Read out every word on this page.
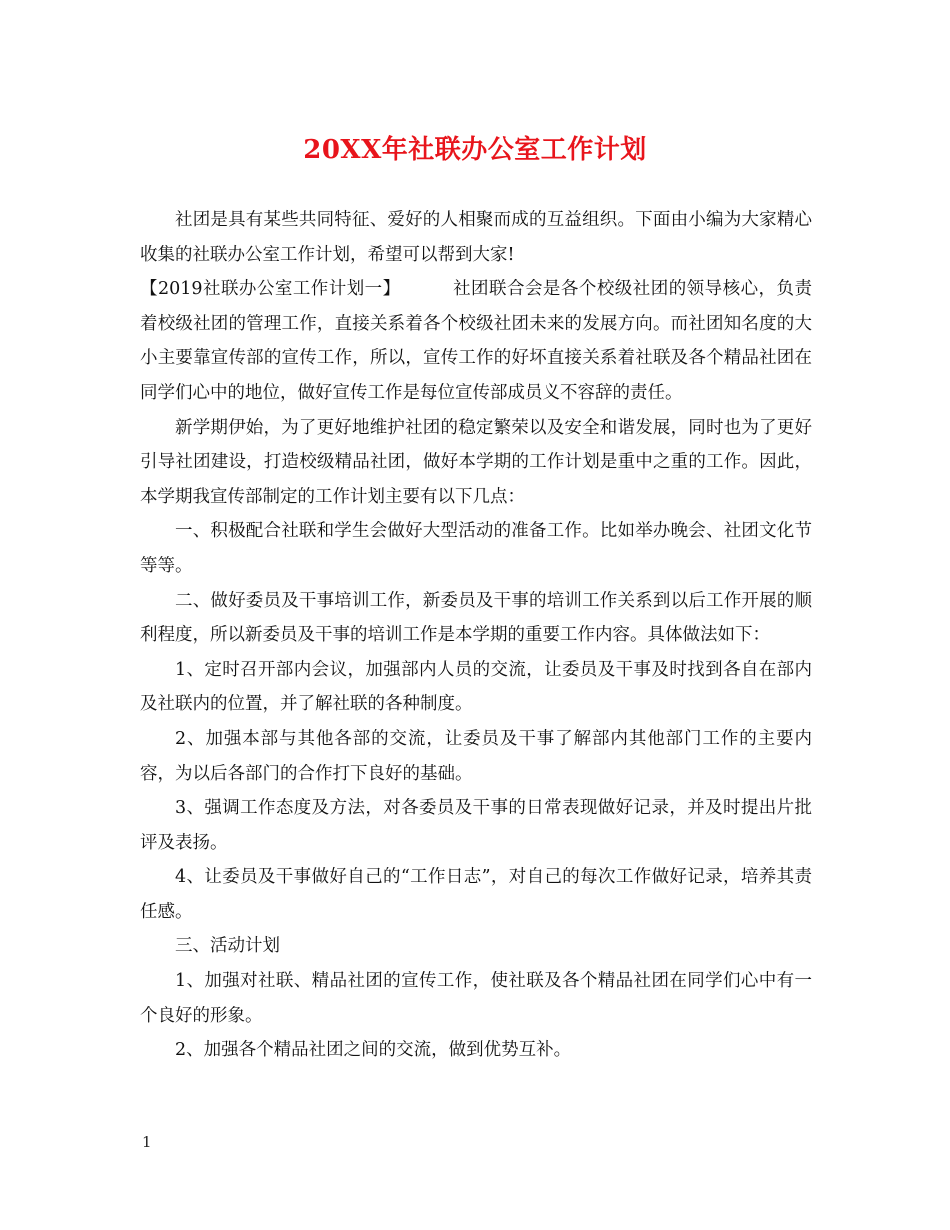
20XX年社联办公室工作计划

社团是具有某些共同特征、爱好的人相聚而成的互益组织。下面由小编为大家精心收集的社联办公室工作计划，希望可以帮到大家!

【2019社联办公室工作计划一】	社团联合会是各个校级社团的领导核心，负责着校级社团的管理工作，直接关系着各个校级社团未来的发展方向。而社团知名度的大小主要靠宣传部的宣传工作，所以，宣传工作的好坏直接关系着社联及各个精品社团在同学们心中的地位，做好宣传工作是每位宣传部成员义不容辞的责任。

新学期伊始，为了更好地维护社团的稳定繁荣以及安全和谐发展，同时也为了更好引导社团建设，打造校级精品社团，做好本学期的工作计划是重中之重的工作。因此，本学期我宣传部制定的工作计划主要有以下几点：

一、积极配合社联和学生会做好大型活动的准备工作。比如举办晚会、社团文化节等等。

二、做好委员及干事培训工作，新委员及干事的培训工作关系到以后工作开展的顺利程度，所以新委员及干事的培训工作是本学期的重要工作内容。具体做法如下：

1、定时召开部内会议，加强部内人员的交流，让委员及干事及时找到各自在部内及社联内的位置，并了解社联的各种制度。

2、加强本部与其他各部的交流，让委员及干事了解部内其他部门工作的主要内容，为以后各部门的合作打下良好的基础。

3、强调工作态度及方法，对各委员及干事的日常表现做好记录，并及时提出片批评及表扬。

4、让委员及干事做好自己的“工作日志”，对自己的每次工作做好记录，培养其责任感。

三、活动计划

1、加强对社联、精品社团的宣传工作，使社联及各个精品社团在同学们心中有一个良好的形象。

2、加强各个精品社团之间的交流，做到优势互补。

1
